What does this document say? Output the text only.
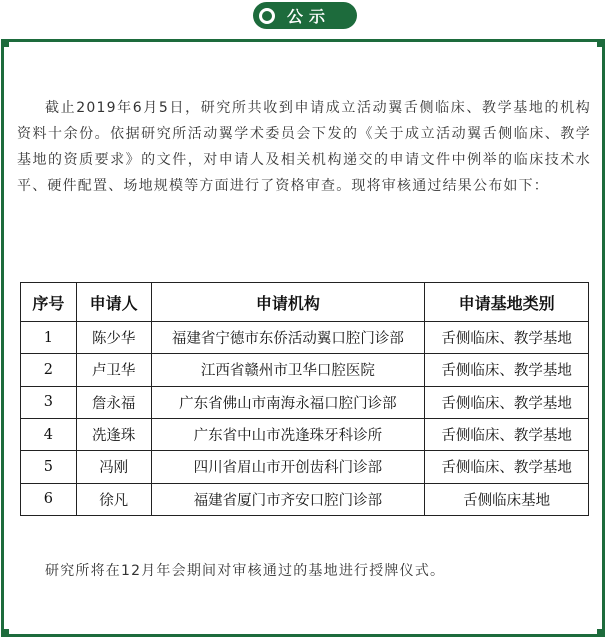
公示

截止2019年6月5日，研究所共收到申请成立活动翼舌侧临床、教学基地的机构资料十余份。依据研究所活动翼学术委员会下发的《关于成立活动翼舌侧临床、教学基地的资质要求》的文件，对申请人及相关机构递交的申请文件中例举的临床技术水平、硬件配置、场地规模等方面进行了资格审查。现将审核通过结果公布如下：

序号	申请人	申请机构	申请基地类别
1	陈少华	福建省宁德市东侨活动翼口腔门诊部	舌侧临床、教学基地
2	卢卫华	江西省赣州市卫华口腔医院	舌侧临床、教学基地
3	詹永福	广东省佛山市南海永福口腔门诊部	舌侧临床、教学基地
4	冼逢珠	广东省中山市冼逢珠牙科诊所	舌侧临床、教学基地
5	冯刚	四川省眉山市开创齿科门诊部	舌侧临床、教学基地
6	徐凡	福建省厦门市齐安口腔门诊部	舌侧临床基地

研究所将在12月年会期间对审核通过的基地进行授牌仪式。
